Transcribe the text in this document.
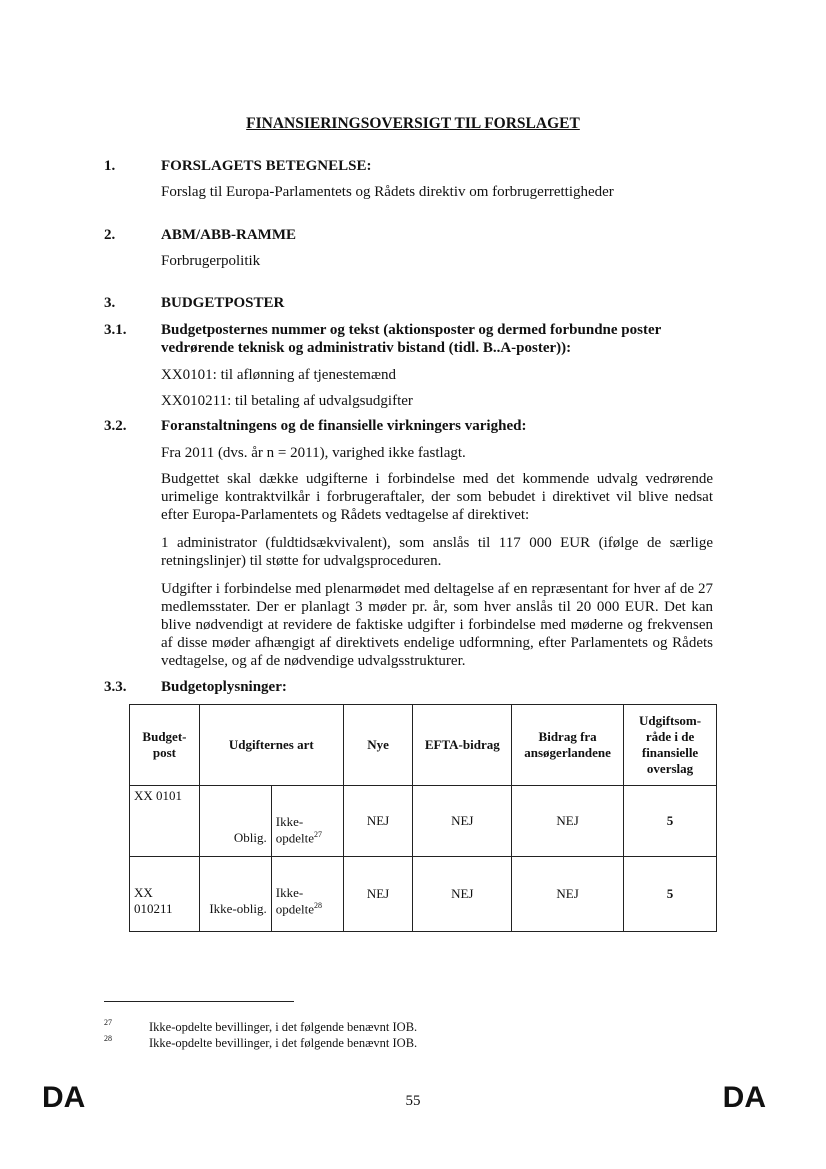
FINANSIERINGSOVERSIGT TIL FORSLAGET
1.	FORSLAGETS BETEGNELSE:
Forslag til Europa-Parlamentets og Rådets direktiv om forbrugerrettigheder
2.	ABM/ABB-RAMME
Forbrugerpolitik
3.	BUDGETPOSTER
3.1. Budgetposternes nummer og tekst (aktionsposter og dermed forbundne poster
vedrørende teknisk og administrativ bistand (tidl. B..A-poster)):
XX0101: til aflønning af tjenestemænd
XX010211: til betaling af udvalgsudgifter
3.2. Foranstaltningens og de finansielle virkningers varighed:
Fra 2011 (dvs. år n = 2011), varighed ikke fastlagt.
Budgettet skal dække udgifterne i forbindelse med det kommende udvalg vedrørende urimelige kontraktvilkår i forbrugeraftaler, der som bebudet i direktivet vil blive nedsat efter Europa-Parlamentets og Rådets vedtagelse af direktivet:
1 administrator (fuldtidsækvivalent), som anslås til 117 000 EUR (ifølge de særlige retningslinjer) til støtte for udvalgsproceduren.
Udgifter i forbindelse med plenarmødet med deltagelse af en repræsentant for hver af de 27 medlemsstater. Der er planlagt 3 møder pr. år, som hver anslås til 20 000 EUR. Det kan blive nødvendigt at revidere de faktiske udgifter i forbindelse med møderne og frekvensen af disse møder afhængigt af direktivets endelige udformning, efter Parlamentets og Rådets vedtagelse, og af de nødvendige udvalgsstrukturer.
3.3. Budgetoplysninger:
Budget-
post	Udgifternes art		Nye	EFTA-bidrag	Bidrag fra ansøgerlandene	Udgiftsom-
råde i de finansielle overslag
XX 0101	Oblig.	Ikke-
opdelte$^{27}$	NEJ	NEJ	NEJ	5
XX
010211	Ikke-oblig.	Ikke-
opdelte$^{28}$	NEJ	NEJ	NEJ	5
27	Ikke-opdelte bevillinger, i det følgende benævnt IOB.
28	Ikke-opdelte bevillinger, i det følgende benævnt IOB.
DA	55	DA
